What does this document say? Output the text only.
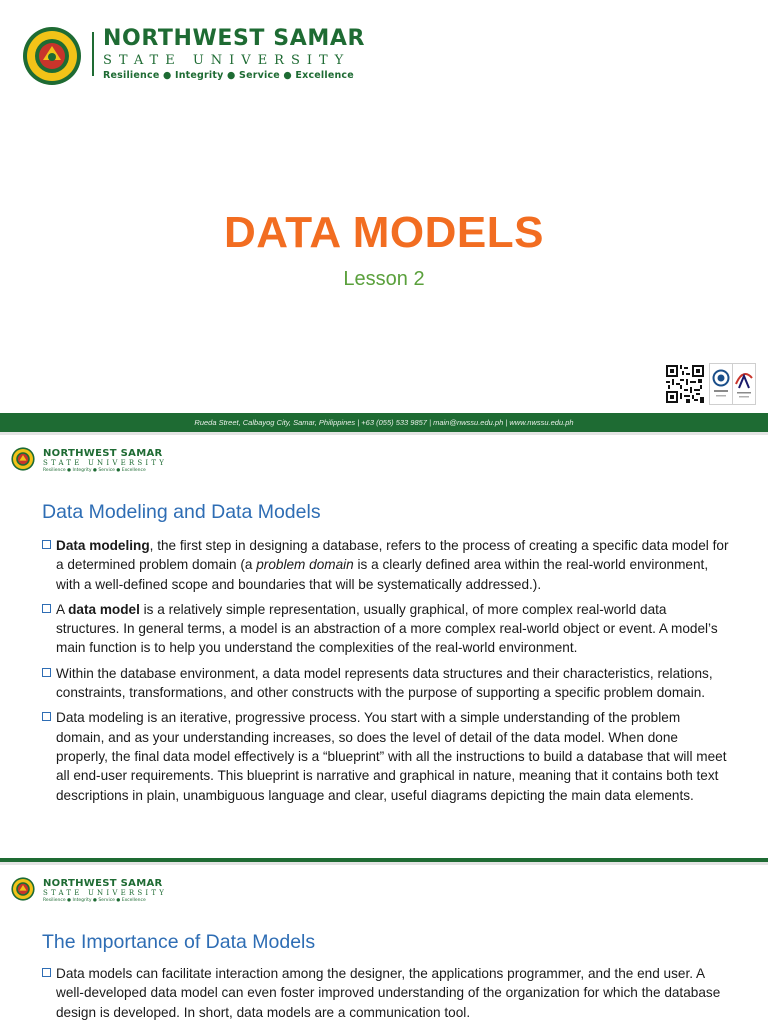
NORTHWEST SAMAR
STATE UNIVERSITY
Resilience ● Integrity ● Service ● Excellence
DATA MODELS
Lesson 2
Rueda Street, Calbayog City, Samar, Philippines | +63 (055) 533 9857 | main@nwssu.edu.ph | www.nwssu.edu.ph
NORTHWEST SAMAR
STATE UNIVERSITY
Resilience ● Integrity ● Service ● Excellence
Data Modeling and Data Models
Data modeling, the first step in designing a database, refers to the process of creating a specific data model for a determined problem domain (a problem domain is a clearly defined area within the real-world environment, with a well-defined scope and boundaries that will be systematically addressed.).
A data model is a relatively simple representation, usually graphical, of more complex real-world data structures. In general terms, a model is an abstraction of a more complex real-world object or event. A model’s main function is to help you understand the complexities of the real-world environment.
Within the database environment, a data model represents data structures and their characteristics, relations, constraints, transformations, and other constructs with the purpose of supporting a specific problem domain.
Data modeling is an iterative, progressive process. You start with a simple understanding of the problem domain, and as your understanding increases, so does the level of detail of the data model. When done properly, the final data model effectively is a “blueprint” with all the instructions to build a database that will meet all end-user requirements. This blueprint is narrative and graphical in nature, meaning that it contains both text descriptions in plain, unambiguous language and clear, useful diagrams depicting the main data elements.
NORTHWEST SAMAR
STATE UNIVERSITY
Resilience ● Integrity ● Service ● Excellence
The Importance of Data Models
Data models can facilitate interaction among the designer, the applications programmer, and the end user. A well-developed data model can even foster improved understanding of the organization for which the database design is developed. In short, data models are a communication tool.
